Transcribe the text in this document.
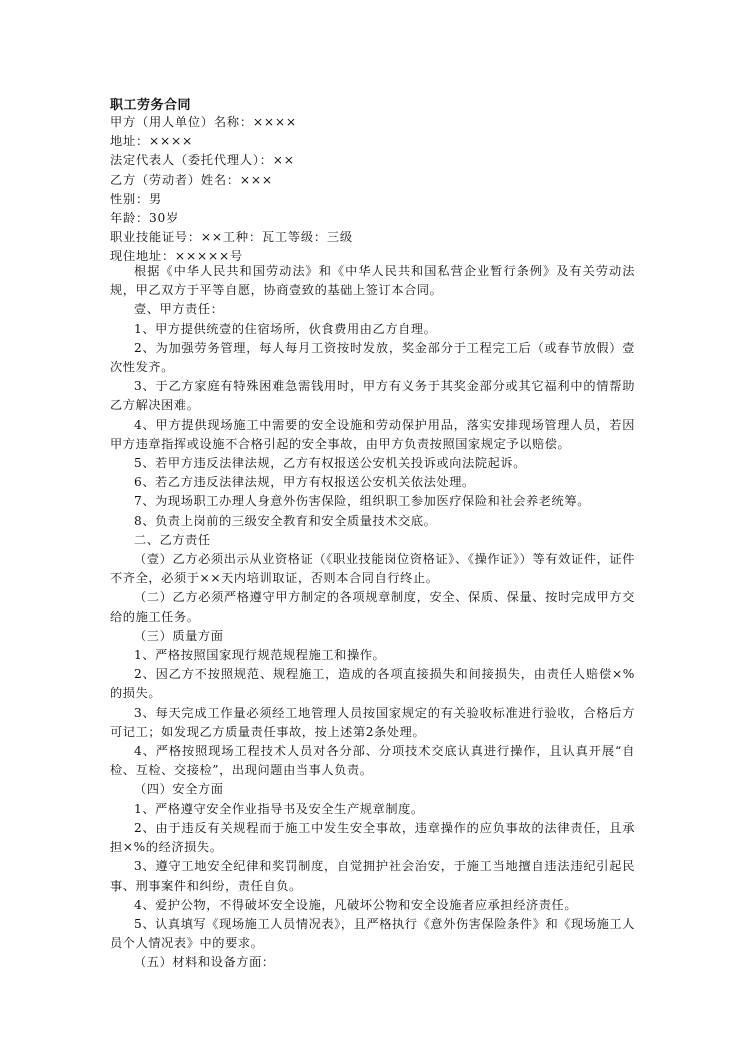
职工劳务合同
甲方（用人单位）名称：××××
地址：××××
法定代表人（委托代理人）：××
乙方（劳动者）姓名：×××
性别：男
年龄：30岁
职业技能证号：××工种：瓦工等级：三级
现住地址：×××××号
根据《中华人民共和国劳动法》和《中华人民共和国私营企业暂行条例》及有关劳动法规，甲乙双方于平等自愿，协商壹致的基础上签订本合同。
壹、甲方责任：
1、甲方提供统壹的住宿场所，伙食费用由乙方自理。
2、为加强劳务管理，每人每月工资按时发放，奖金部分于工程完工后（或春节放假）壹次性发齐。
3、于乙方家庭有特殊困难急需钱用时，甲方有义务于其奖金部分或其它福利中的情帮助乙方解决困难。
4、甲方提供现场施工中需要的安全设施和劳动保护用品，落实安排现场管理人员，若因甲方违章指挥或设施不合格引起的安全事故，由甲方负责按照国家规定予以赔偿。
5、若甲方违反法律法规，乙方有权报送公安机关投诉或向法院起诉。
6、若乙方违反法律法规，甲方有权报送公安机关依法处理。
7、为现场职工办理人身意外伤害保险，组织职工参加医疗保险和社会养老统筹。
8、负责上岗前的三级安全教育和安全质量技术交底。
二、乙方责任
（壹）乙方必须出示从业资格证（《职业技能岗位资格证》、《操作证》）等有效证件，证件不齐全，必须于××天内培训取证，否则本合同自行终止。
（二）乙方必须严格遵守甲方制定的各项规章制度，安全、保质、保量、按时完成甲方交给的施工任务。
（三）质量方面
1、严格按照国家现行规范规程施工和操作。
2、因乙方不按照规范、规程施工，造成的各项直接损失和间接损失，由责任人赔偿×%的损失。
3、每天完成工作量必须经工地管理人员按国家规定的有关验收标准进行验收，合格后方可记工；如发现乙方质量责任事故，按上述第2条处理。
4、严格按照现场工程技术人员对各分部、分项技术交底认真进行操作，且认真开展“自检、互检、交接检”，出现问题由当事人负责。
（四）安全方面
1、严格遵守安全作业指导书及安全生产规章制度。
2、由于违反有关规程而于施工中发生安全事故，违章操作的应负事故的法律责任，且承担×%的经济损失。
3、遵守工地安全纪律和奖罚制度，自觉拥护社会治安，于施工当地擅自违法违纪引起民事、刑事案件和纠纷，责任自负。
4、爱护公物，不得破坏安全设施，凡破坏公物和安全设施者应承担经济责任。
5、认真填写《现场施工人员情况表》，且严格执行《意外伤害保险条件》和《现场施工人员个人情况表》中的要求。
（五）材料和设备方面：
